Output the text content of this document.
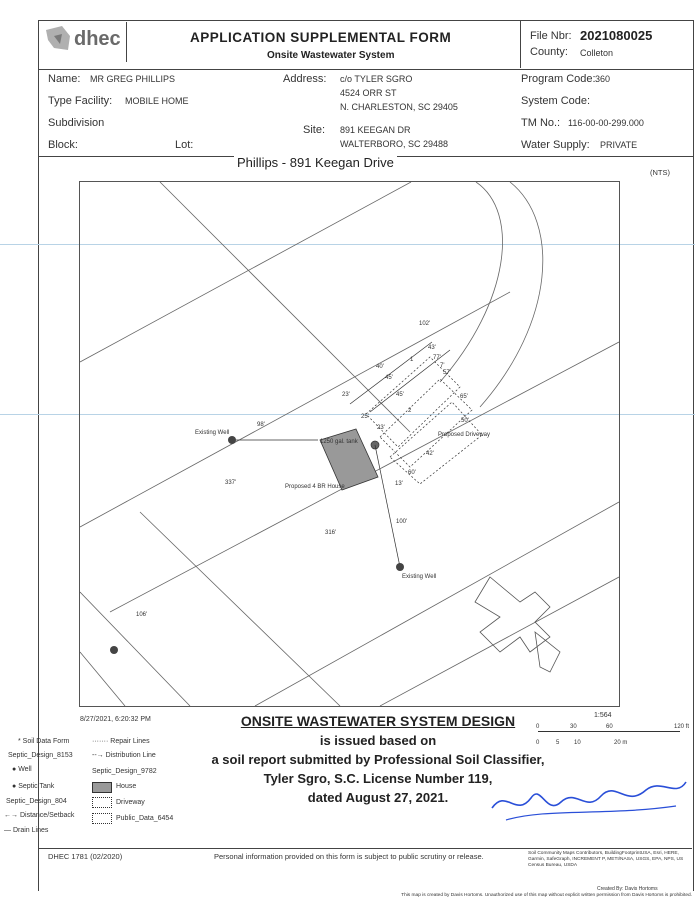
dhec	APPLICATION SUPPLEMENTAL FORM
Onsite Wastewater System
File Nbr: 2021080025
County: Colleton
Name: MR GREG PHILLIPS
Type Facility: MOBILE HOME
Subdivision
Block:	Lot:
Address: c/o TYLER SGRO
4524 ORR ST
N. CHARLESTON, SC 29405
Site: 891 KEEGAN DR
WALTERBORO, SC 29488
Program Code: 360
System Code:
TM No.: 116-00-00-299.000
Water Supply: PRIVATE
Phillips - 891 Keegan Drive
(NTS)
Existing Well
Existing Well
Proposed 4 BR House
1250 gal. tank
Proposed Driveway
98'
337'
316'
106'
102'
100'
40'
45'
43'
77'
7'
57'
23'	45'	65'
25'
23'
50'
42'
60'
13'
1
2
8/27/2021, 6:20:32 PM
1:564
0	30	60	120 ft
0	5 10	20 m
* Soil Data Form	······· Repair Lines
Septic_Design_8153	--→ Distribution Line
● Well	Septic_Design_9782
● Septic Tank	House
Septic_Design_804	Driveway
←→ Distance/Setback	Public_Data_6454
— Drain Lines
ONSITE WASTEWATER SYSTEM DESIGN
is issued based on
a soil report submitted by Professional Soil Classifier,
Tyler Sgro, S.C. License Number 119,
dated August 27, 2021.
DHEC 1781 (02/2020)	Personal information provided on this form is subject to public scrutiny or release.	Soil Community Maps Contributors, BuildingFootprintUSA, Esri, HERE, Garmin, SafeGraph, INCREMENT P, METI/NASA, USGS, EPA, NPS, US Census Bureau, USDA
Created By: Davis Hortoms
This map is created by Davis Hortoms. Unauthorized use of this map without explicit written permission from Davis Hortoms is prohibited.
